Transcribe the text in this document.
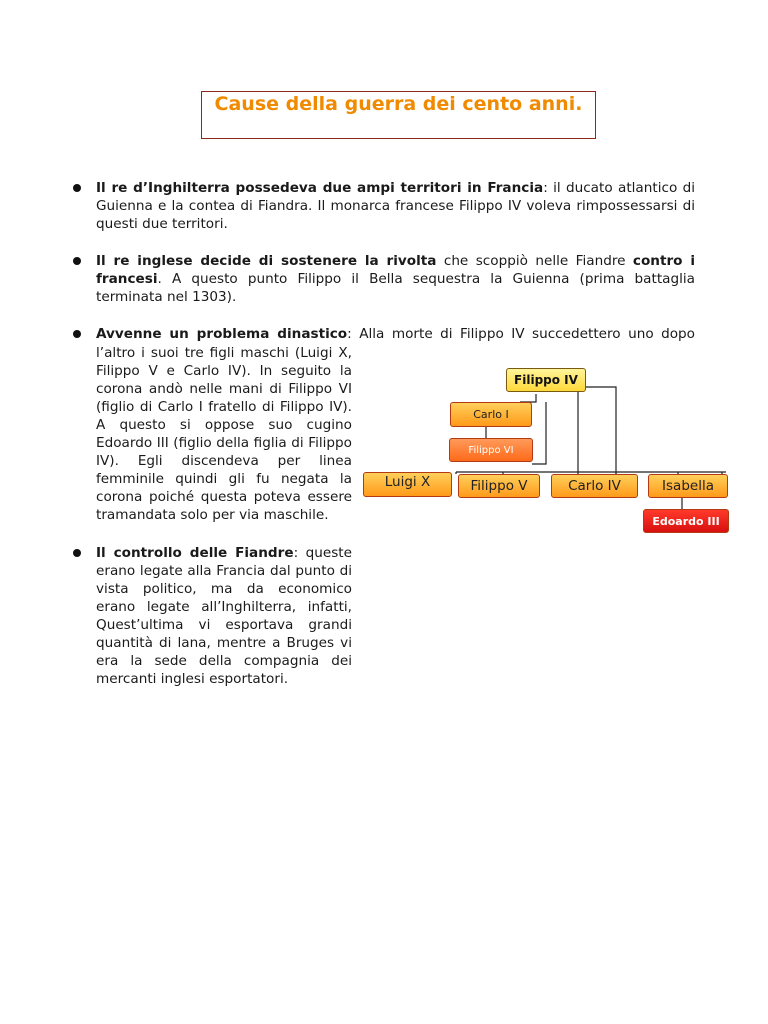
Cause della guerra dei cento anni.

Il re d’Inghilterra possedeva due ampi territori in Francia: il ducato atlantico di Guienna e la contea di Fiandra. Il monarca francese Filippo IV voleva rimpossessarsi di questi due territori.

Il re inglese decide di sostenere la rivolta che scoppiò nelle Fiandre contro i francesi. A questo punto Filippo il Bella sequestra la Guienna (prima battaglia terminata nel 1303).

Avvenne un problema dinastico: Alla morte di Filippo IV succedettero uno dopo

l’altro i suoi tre figli maschi (Luigi X, Filippo V e Carlo IV). In seguito la corona andò nelle mani di Filippo VI (figlio di Carlo I fratello di Filippo IV). A questo si oppose suo cugino Edoardo III (figlio della figlia di Filippo IV). Egli discendeva per linea femminile quindi gli fu negata la corona poiché questa poteva essere tramandata solo per via maschile.

Filippo IV
Carlo I
Filippo VI
Luigi X	Filippo V	Carlo IV	Isabella
Edoardo III

Il controllo delle Fiandre: queste erano legate alla Francia dal punto di vista politico, ma da economico erano legate all’Inghilterra, infatti, Quest’ultima vi esportava grandi quantità di lana, mentre a Bruges vi era la sede della compagnia dei mercanti inglesi esportatori.
